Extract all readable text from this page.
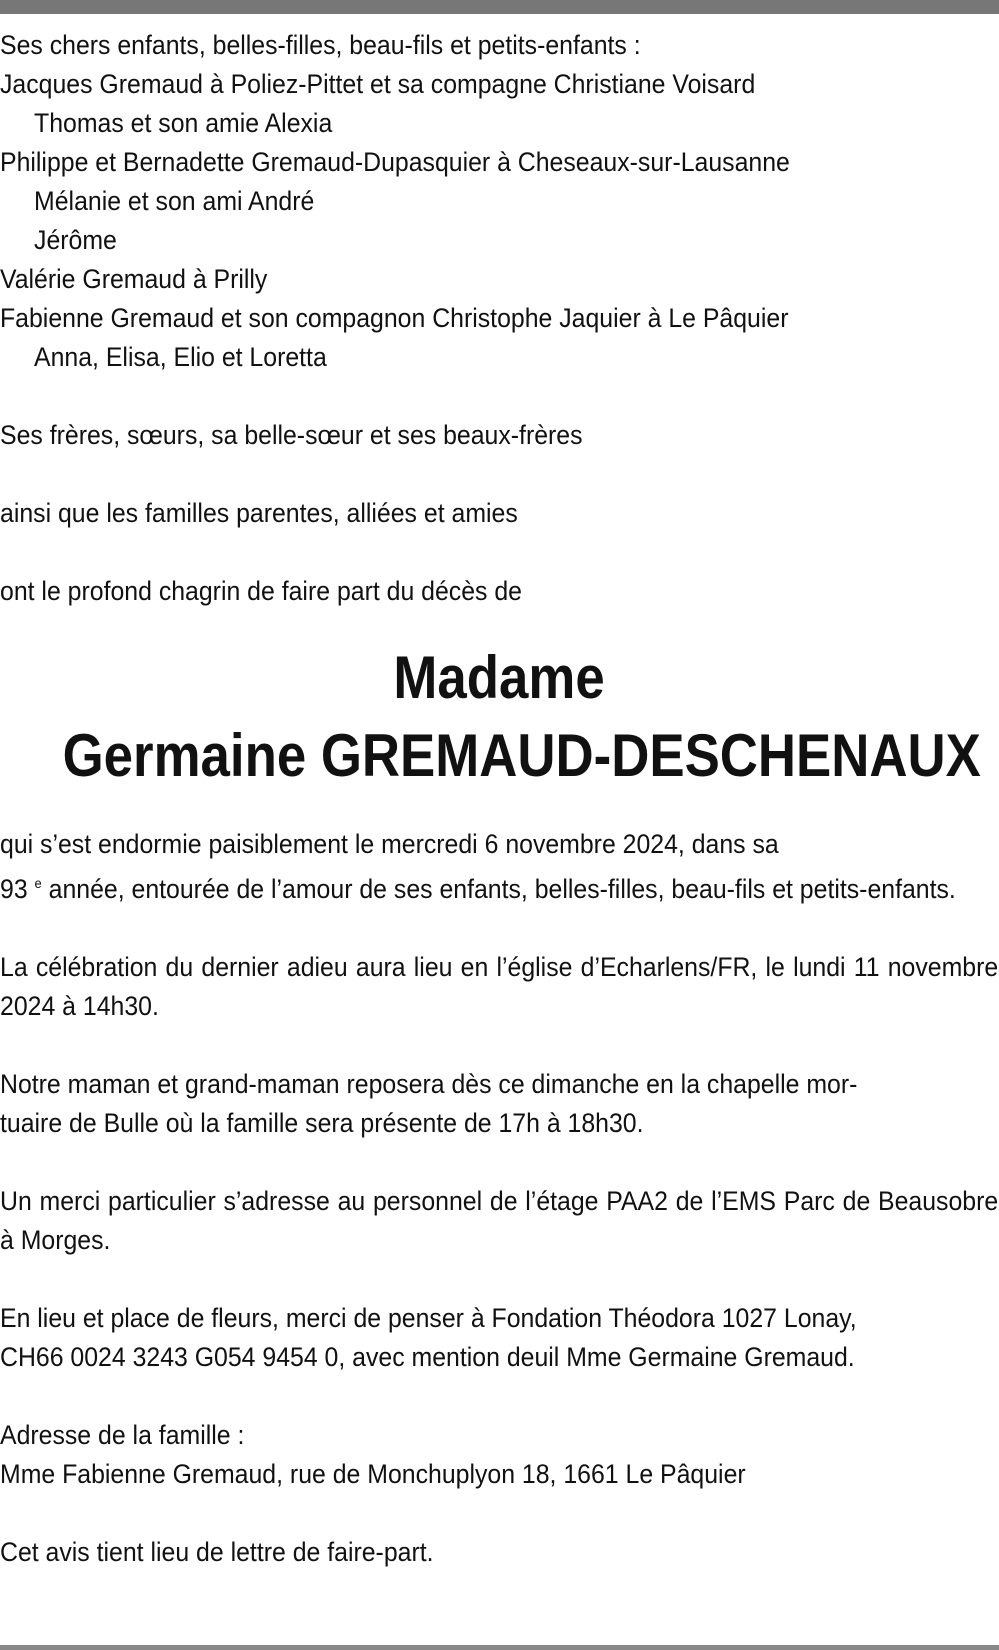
Ses chers enfants, belles-filles, beau-fils et petits-enfants :
Jacques Gremaud à Poliez-Pittet et sa compagne Christiane Voisard
Thomas et son amie Alexia
Philippe et Bernadette Gremaud-Dupasquier à Cheseaux-sur-Lausanne
Mélanie et son ami André
Jérôme
Valérie Gremaud à Prilly
Fabienne Gremaud et son compagnon Christophe Jaquier à Le Pâquier
Anna, Elisa, Elio et Loretta
Ses frères, sœurs, sa belle-sœur et ses beaux-frères
ainsi que les familles parentes, alliées et amies
ont le profond chagrin de faire part du décès de
Madame
Germaine GREMAUD-DESCHENAUX
qui s’est endormie paisiblement le mercredi 6 novembre 2024, dans sa
93 $^e$ année, entourée de l’amour de ses enfants, belles-filles, beau-fils et petits-enfants.
La célébration du dernier adieu aura lieu en l’église d’Echarlens/FR, le lundi 11 novembre 2024 à 14h30.
Notre maman et grand-maman reposera dès ce dimanche en la chapelle mor-
tuaire de Bulle où la famille sera présente de 17h à 18h30.
Un merci particulier s’adresse au personnel de l’étage PAA2 de l’EMS Parc de Beausobre à Morges.
En lieu et place de fleurs, merci de penser à Fondation Théodora 1027 Lonay,
CH66 0024 3243 G054 9454 0, avec mention deuil Mme Germaine Gremaud.
Adresse de la famille :
Mme Fabienne Gremaud, rue de Monchuplyon 18, 1661 Le Pâquier
Cet avis tient lieu de lettre de faire-part.
